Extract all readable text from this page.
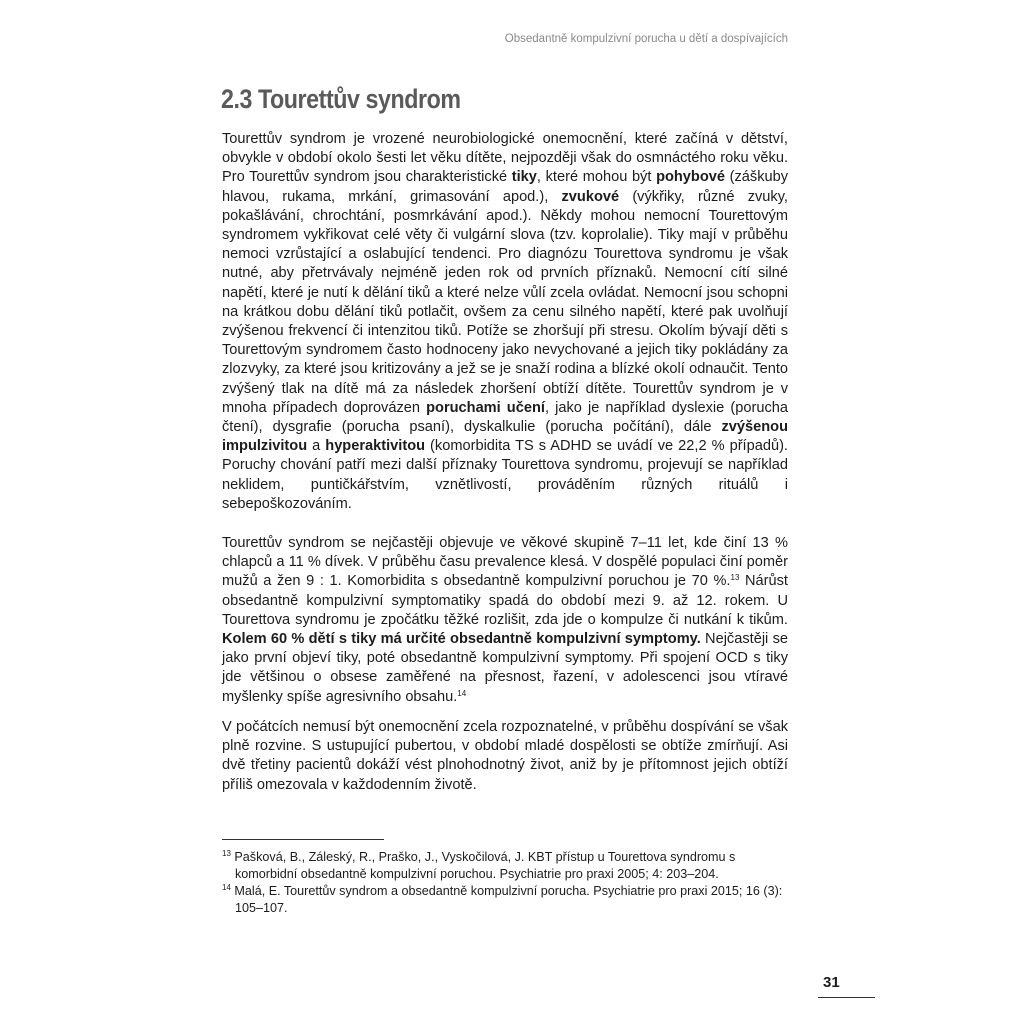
Obsedantně kompulzivní porucha u dětí a dospívajících
2.3 Tourettův syndrom

Tourettův syndrom je vrozené neurobiologické onemocnění, které začíná v dětství, obvykle v období okolo šesti let věku dítěte, nejpozději však do osmnáctého roku věku. Pro Tourettův syndrom jsou charakteristické tiky, které mohou být pohybové (záškuby hlavou, rukama, mrkání, grimasování apod.), zvukové (výkřiky, různé zvuky, pokašlávání, chrochtání, posmrkávání apod.). Někdy mohou nemocní Tourettovým syndromem vykřikovat celé věty či vulgární slova (tzv. koprolalie). Tiky mají v průběhu nemoci vzrůstající a oslabující tendenci. Pro diagnózu Tourettova syndromu je však nutné, aby přetrvávaly nejméně jeden rok od prvních příznaků. Nemocní cítí silné napětí, které je nutí k dělání tiků a které nelze vůlí zcela ovládat. Nemocní jsou schopni na krátkou dobu dělání tiků potlačit, ovšem za cenu silného napětí, které pak uvolňují zvýšenou frekvencí či intenzitou tiků. Potíže se zhoršují při stresu. Okolím bývají děti s Tourettovým syndromem často hodnoceny jako nevychované a jejich tiky pokládány za zlozvyky, za které jsou kritizovány a jež se je snaží rodina a blízké okolí odnaučit. Tento zvýšený tlak na dítě má za následek zhoršení obtíží dítěte. Tourettův syndrom je v mnoha případech doprovázen poruchami učení, jako je například dyslexie (porucha čtení), dysgrafie (porucha psaní), dyskalkulie (porucha počítání), dále zvýšenou impulzivitou a hyperaktivitou (komorbidita TS s ADHD se uvádí ve 22,2 % případů). Poruchy chování patří mezi další příznaky Tourettova syndromu, projevují se například neklidem, puntičkářstvím, vznětlivostí, prováděním různých rituálů i sebepoškozováním.

Tourettův syndrom se nejčastěji objevuje ve věkové skupině 7–11 let, kde činí 13 % chlapců a 11 % dívek. V průběhu času prevalence klesá. V dospělé populaci činí poměr mužů a žen 9 : 1. Komorbidita s obsedantně kompulzivní poruchou je 70 %.$^{13}$ Nárůst obsedantně kompulzivní symptomatiky spadá do období mezi 9. až 12. rokem. U Tourettova syndromu je zpočátku těžké rozlišit, zda jde o kompulze či nutkání k tikům. Kolem 60 % dětí s tiky má určité obsedantně kompulzivní symptomy. Nejčastěji se jako první objeví tiky, poté obsedantně kompulzivní symptomy. Při spojení OCD s tiky jde většinou o obsese zaměřené na přesnost, řazení, v adolescenci jsou vtíravé myšlenky spíše agresivního obsahu.$^{14}$

V počátcích nemusí být onemocnění zcela rozpoznatelné, v průběhu dospívání se však plně rozvine. S ustupující pubertou, v období mladé dospělosti se obtíže zmírňují. Asi dvě třetiny pacientů dokáží vést plnohodnotný život, aniž by je přítomnost jejich obtíží příliš omezovala v každodenním životě.

$^{13}$ Pašková, B., Záleský, R., Praško, J., Vyskočilová, J. KBT přístup u Tourettova syndromu s komorbidní obsedantně kompulzivní poruchou. Psychiatrie pro praxi 2005; 4: 203–204.

$^{14}$ Malá, E. Tourettův syndrom a obsedantně kompulzivní porucha. Psychiatrie pro praxi 2015; 16 (3): 105–107.

31
